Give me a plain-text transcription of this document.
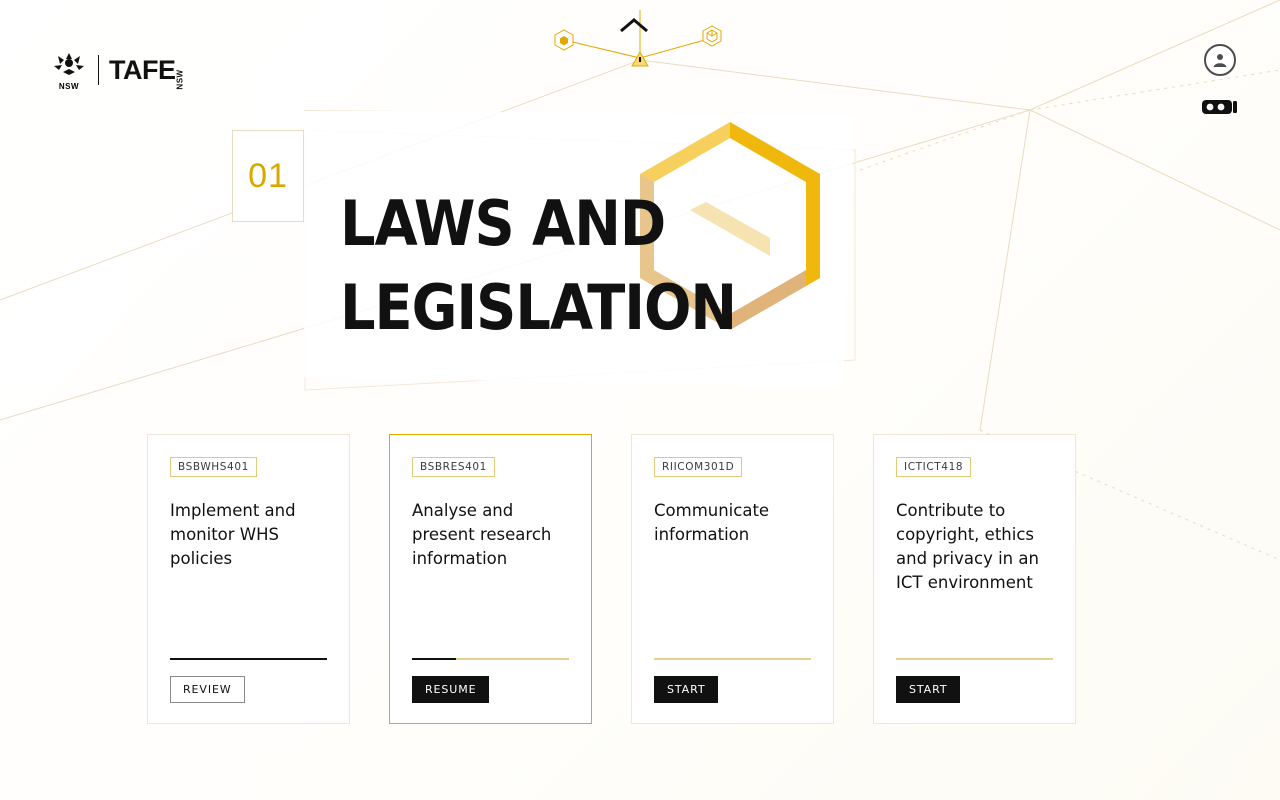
NSW
TAFE NSW
01
LAWS AND
LEGISLATION
BSBWHS401
Implement and monitor WHS policies
REVIEW
BSBRES401
Analyse and present research information
RESUME
RIICOM301D
Communicate information
START
ICTICT418
Contribute to copyright, ethics and privacy in an ICT environment
START
